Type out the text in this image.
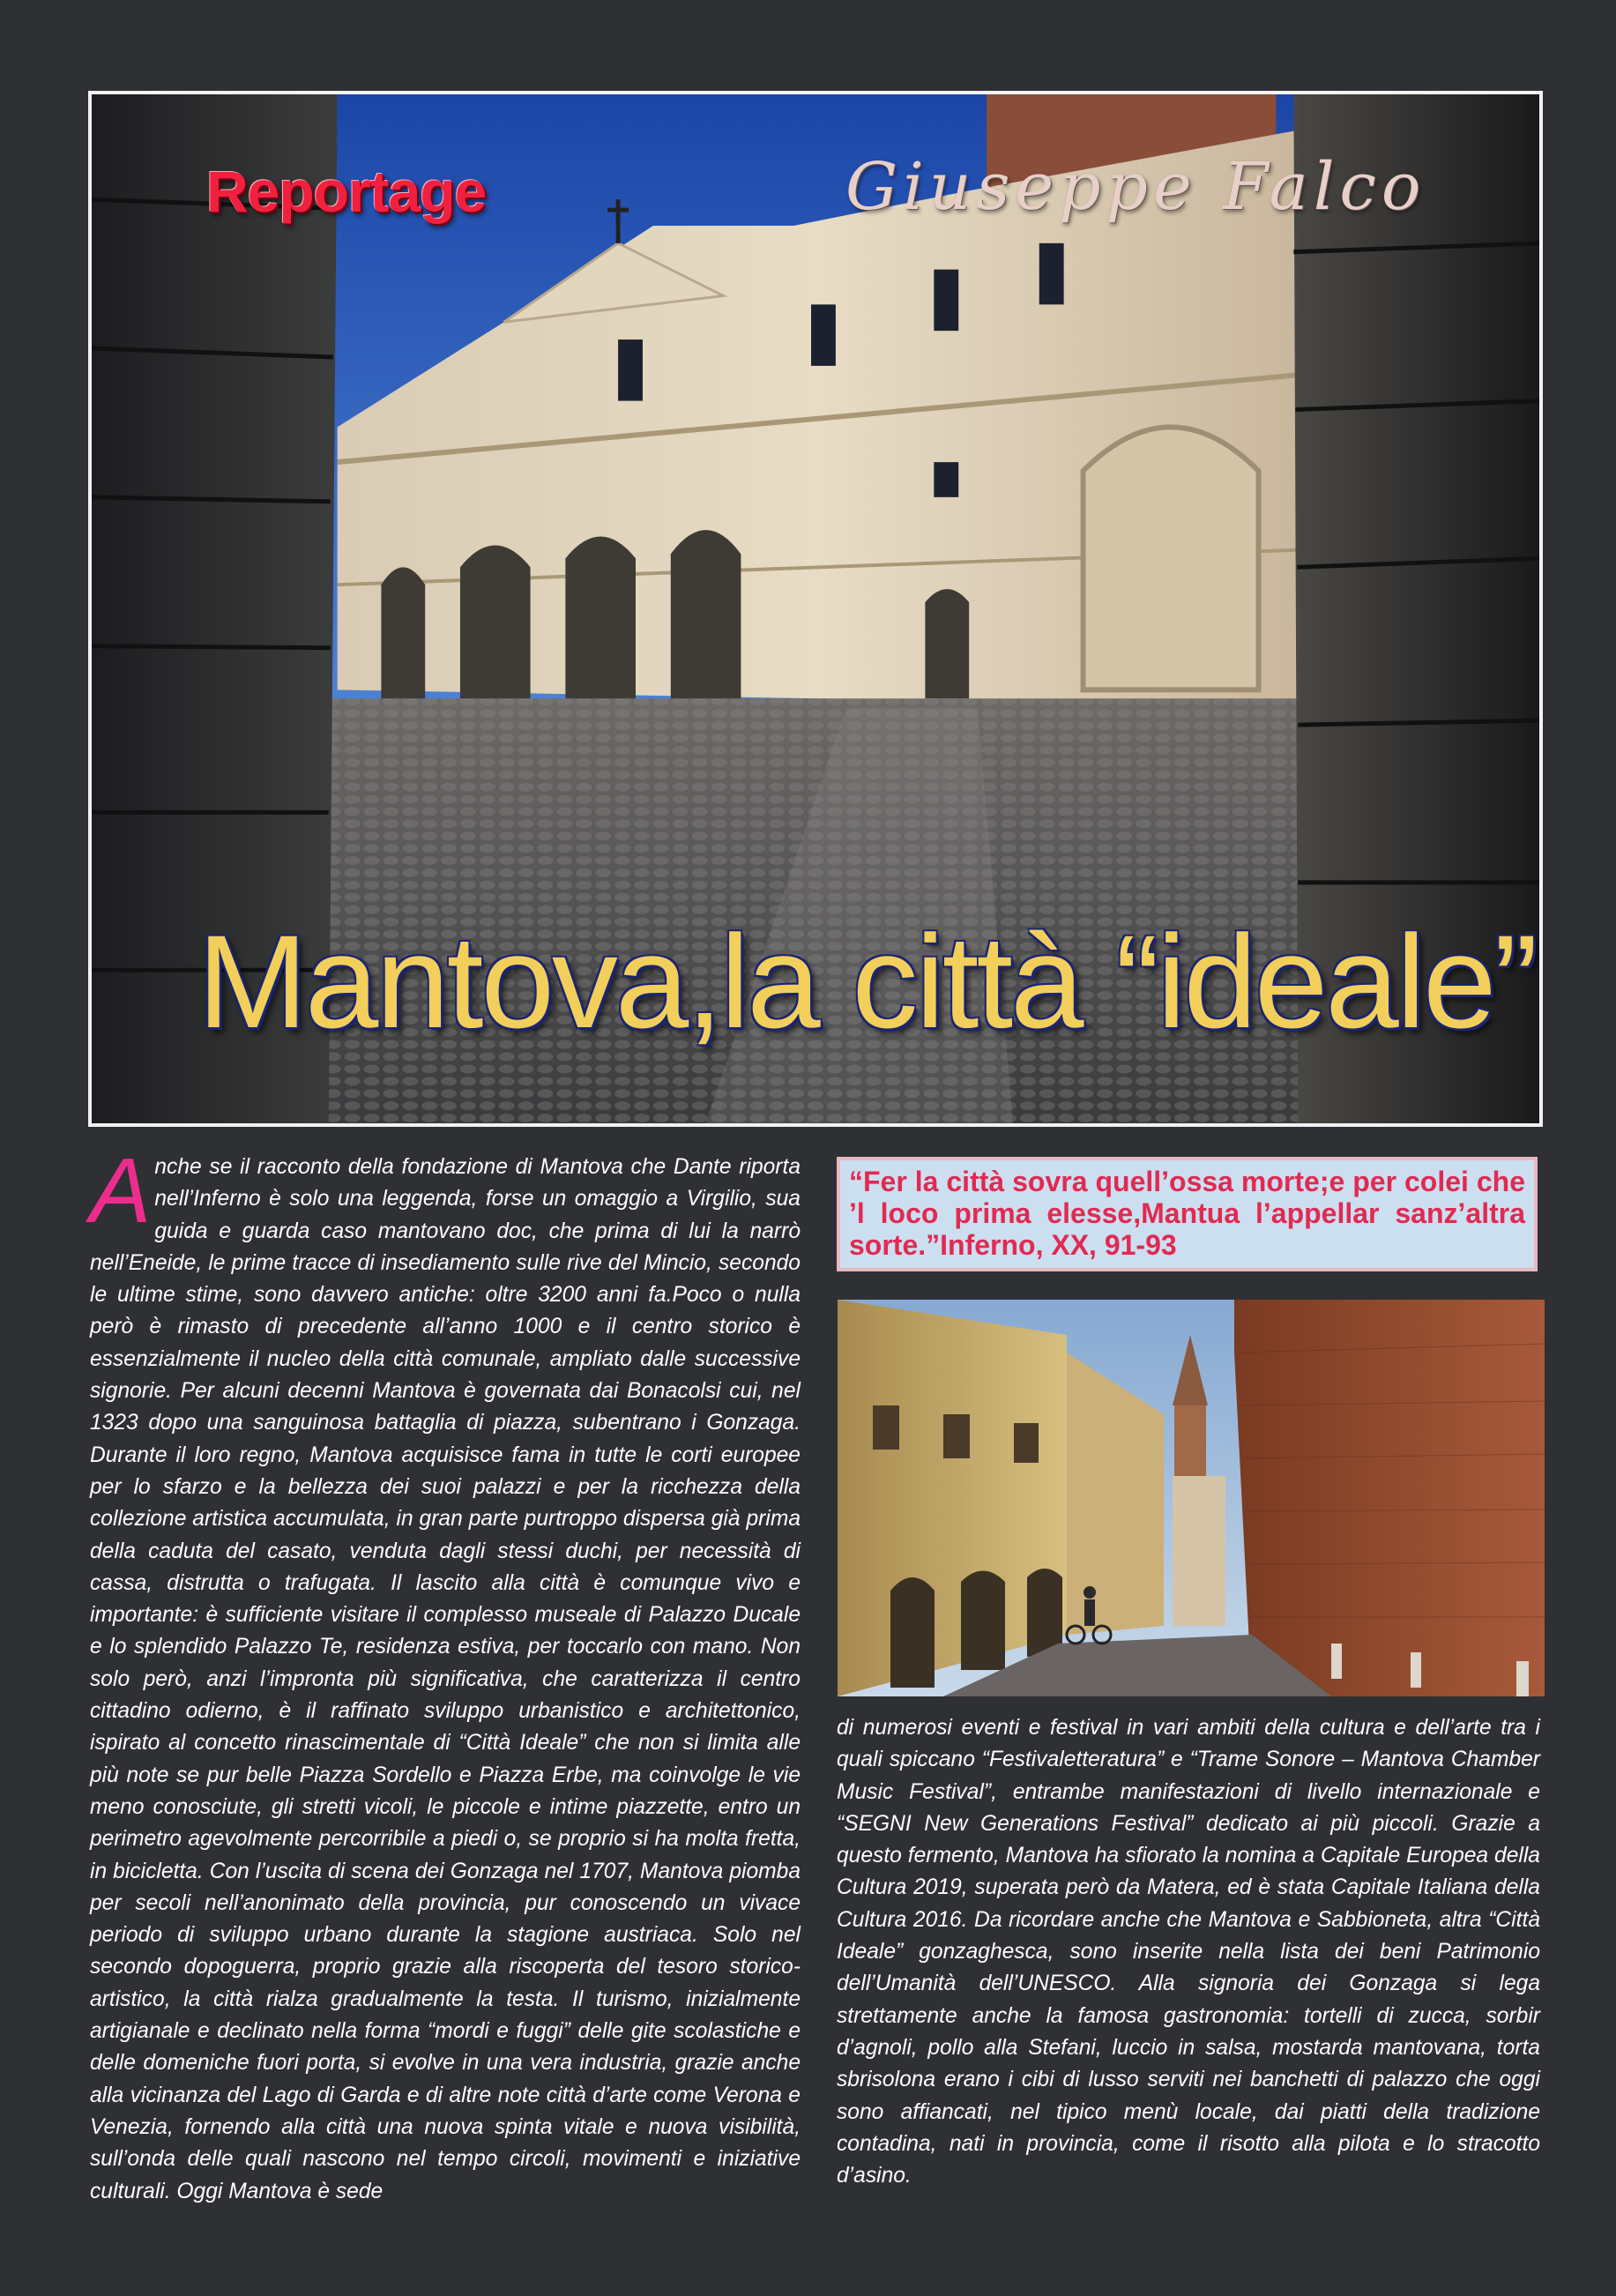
Reportage	Giuseppe Falco
Mantova,la città “ideale”
Anche se il racconto della fondazione di Mantova che Dante riporta nell’Inferno è solo una leggenda, forse un omaggio a Virgilio, sua guida e guarda caso mantovano doc, che prima di lui la narrò nell’Eneide, le prime tracce di insediamento sulle rive del Mincio, secondo le ultime stime, sono davvero antiche: oltre 3200 anni fa.Poco o nulla però è rimasto di precedente all’anno 1000 e il centro storico è essenzialmente il nucleo della città comunale, ampliato dalle successive signorie. Per alcuni decenni Mantova è governata dai Bonacolsi cui, nel 1323 dopo una sanguinosa battaglia di piazza, subentrano i Gonzaga. Durante il loro regno, Mantova acquisisce fama in tutte le corti europee per lo sfarzo e la bellezza dei suoi palazzi e per la ricchezza della collezione artistica accumulata, in gran parte purtroppo dispersa già prima della caduta del casato, venduta dagli stessi duchi, per necessità di cassa, distrutta o trafugata. Il lascito alla città è comunque vivo e importante: è sufficiente visitare il complesso museale di Palazzo Ducale e lo splendido Palazzo Te, residenza estiva, per toccarlo con mano. Non solo però, anzi l’impronta più significativa, che caratterizza il centro cittadino odierno, è il raffinato sviluppo urbanistico e architettonico, ispirato al concetto rinascimentale di “Città Ideale” che non si limita alle più note se pur belle Piazza Sordello e Piazza Erbe, ma coinvolge le vie meno conosciute, gli stretti vicoli, le piccole e intime piazzette, entro un perimetro agevolmente percorribile a piedi o, se proprio si ha molta fretta, in bicicletta. Con l’uscita di scena dei Gonzaga nel 1707, Mantova piomba per secoli nell’anonimato della provincia, pur conoscendo un vivace periodo di sviluppo urbano durante la stagione austriaca. Solo nel secondo dopoguerra, proprio grazie alla riscoperta del tesoro storico-artistico, la città rialza gradualmente la testa. Il turismo, inizialmente artigianale e declinato nella forma “mordi e fuggi” delle gite scolastiche e delle domeniche fuori porta, si evolve in una vera industria, grazie anche alla vicinanza del Lago di Garda e di altre note città d’arte come Verona e Venezia, fornendo alla città una nuova spinta vitale e nuova visibilità, sull’onda delle quali nascono nel tempo circoli, movimenti e iniziative culturali. Oggi Mantova è sede

“Fer la città sovra quell’ossa morte;e per colei che ’l loco prima elesse,Mantua l’appellar sanz’altra sorte.”Inferno, XX, 91-93

di numerosi eventi e festival in vari ambiti della cultura e dell’arte tra i quali spiccano “Festivaletteratura” e “Trame Sonore – Mantova Chamber Music Festival”, entrambe manifestazioni di livello internazionale e “SEGNI New Generations Festival” dedicato ai più piccoli. Grazie a questo fermento, Mantova ha sfiorato la nomina a Capitale Europea della Cultura 2019, superata però da Matera, ed è stata Capitale Italiana della Cultura 2016. Da ricordare anche che Mantova e Sabbioneta, altra “Città Ideale” gonzaghesca, sono inserite nella lista dei beni Patrimonio dell’Umanità dell’UNESCO. Alla signoria dei Gonzaga si lega strettamente anche la famosa gastronomia: tortelli di zucca, sorbir d’agnoli, pollo alla Stefani, luccio in salsa, mostarda mantovana, torta sbrisolona erano i cibi di lusso serviti nei banchetti di palazzo che oggi sono affiancati, nel tipico menù locale, dai piatti della tradizione contadina, nati in provincia, come il risotto alla pilota e lo stracotto d’asino.
